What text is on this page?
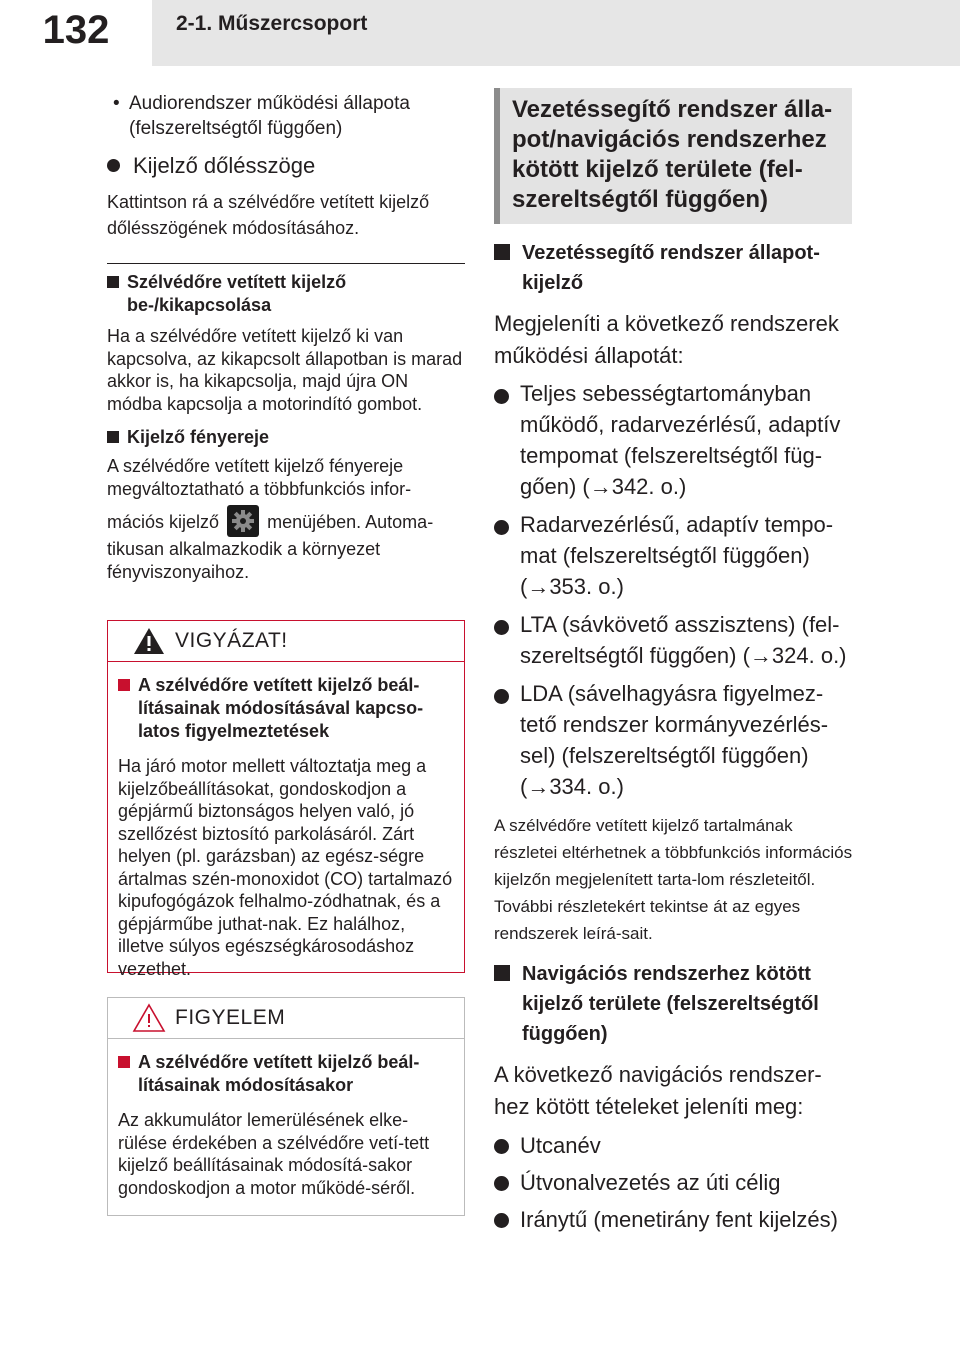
132	2-1. Műszercsoport
• Audiorendszer működési állapota (felszereltségtől függően)
Kijelző dőlésszöge

Kattintson rá a szélvédőre vetített kijelző dőlésszögének módosításához.

Szélvédőre vetített kijelző be-/kikapcsolása

Ha a szélvédőre vetített kijelző ki van kapcsolva, az kikapcsolt állapotban is marad akkor is, ha kikapcsolja, majd újra ON módba kapcsolja a motorindító gombot.

Kijelző fényereje
A szélvédőre vetített kijelző fényereje megváltoztatható a többfunkciós infor-
mációs kijelző	menüjében. Automa-
tikusan alkalmazkodik a környezet fényviszonyaihoz.
VIGYÁZAT!
A szélvédőre vetített kijelző beál-lításainak módosításával kapcso-latos figyelmeztetések
Ha járó motor mellett változtatja meg a kijelzőbeállításokat, gondoskodjon a gépjármű biztonságos helyen való, jó szellőzést biztosító parkolásáról. Zárt helyen (pl. garázsban) az egész-ségre ártalmas szén-monoxidot (CO) tartalmazó kipufogógázok felhalmo-zódhatnak, és a gépjárműbe juthat-nak. Ez halálhoz, illetve súlyos egészségkárosodáshoz vezethet.
FIGYELEM
A szélvédőre vetített kijelző beál-lításainak módosításakor
Az akkumulátor lemerülésének elke-rülése érdekében a szélvédőre vetí-tett kijelző beállításainak módosítá-sakor gondoskodjon a motor működé-séről.
Vezetéssegítő rendszer álla-pot/navigációs rendszerhez kötött kijelző területe (fel-szereltségtől függően)
Vezetéssegítő rendszer állapot-kijelző

Megjeleníti a következő rendszerek működési állapotát:

Teljes sebességtartományban működő, radarvezérlésű, adaptív tempomat (felszereltségtől füg-gően) (→342. o.)
Radarvezérlésű, adaptív tempo-mat (felszereltségtől függően) (→353. o.)
LTA (sávkövető asszisztens) (fel-szereltségtől függően) (→324. o.)
LDA (sávelhagyásra figyelmez-tető rendszer kormányvezérlés-sel) (felszereltségtől függően) (→334. o.)

A szélvédőre vetített kijelző tartalmának részletei eltérhetnek a többfunkciós információs kijelzőn megjelenített tarta-lom részleteitől. További részletekért tekintse át az egyes rendszerek leírá-sait.

Navigációs rendszerhez kötött kijelző területe (felszereltségtől függően)

A következő navigációs rendszer-hez kötött tételeket jeleníti meg:

Utcanév
Útvonalvezetés az úti célig
Iránytű (menetirány fent kijelzés)
